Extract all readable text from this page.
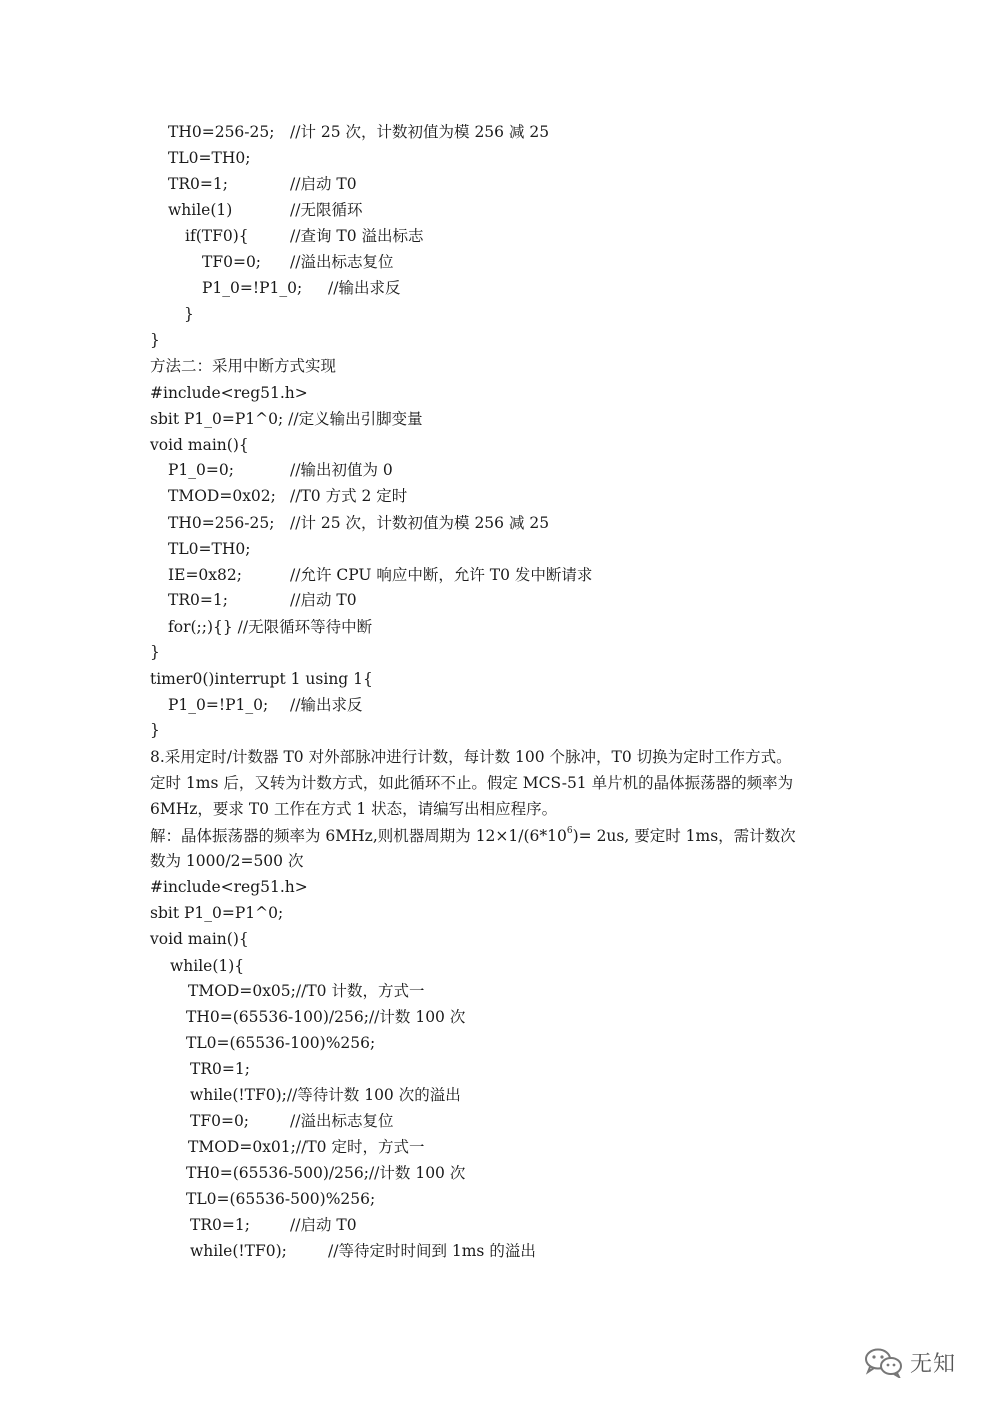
TH0=256-25; //计 25 次，计数初值为模 256 减 25
TL0=TH0;
TR0=1;	//启动 T0
while(1)	//无限循环
if(TF0){	//查询 T0 溢出标志
TF0=0; //溢出标志复位
P1_0=!P1_0; //输出求反
}
}
方法二：采用中断方式实现
#include<reg51.h>
sbit P1_0=P1^0; //定义输出引脚变量
void main(){
P1_0=0;	//输出初值为 0
TMOD=0x02; //T0 方式 2 定时
TH0=256-25; //计 25 次，计数初值为模 256 减 25
TL0=TH0;
IE=0x82;	//允许 CPU 响应中断，允许 T0 发中断请求
TR0=1;	//启动 T0
for(;;){} //无限循环等待中断
}
timer0()interrupt 1 using 1{
P1_0=!P1_0; //输出求反
}
8.采用定时/计数器 T0 对外部脉冲进行计数，每计数 100 个脉冲，T0 切换为定时工作方式。
定时 1ms 后，又转为计数方式，如此循环不止。假定 MCS-51 单片机的晶体振荡器的频率为
6MHz，要求 T0 工作在方式 1 状态，请编写出相应程序。
解：晶体振荡器的频率为 6MHz,则机器周期为 $12\times 1/(6*10^6)= 2us$, 要定时 1ms，需计数次
数为 1000/2=500 次
#include<reg51.h>
sbit P1_0=P1^0;
void main(){
while(1){
TMOD=0x05;//T0 计数，方式一
TH0=(65536-100)/256;//计数 100 次
TL0=(65536-100)%256;
TR0=1;
while(!TF0);//等待计数 100 次的溢出
TF0=0;	//溢出标志复位
TMOD=0x01;//T0 定时，方式一
TH0=(65536-500)/256;//计数 100 次
TL0=(65536-500)%256;
TR0=1;	//启动 T0
while(!TF0);	//等待定时时间到 1ms 的溢出
无知
